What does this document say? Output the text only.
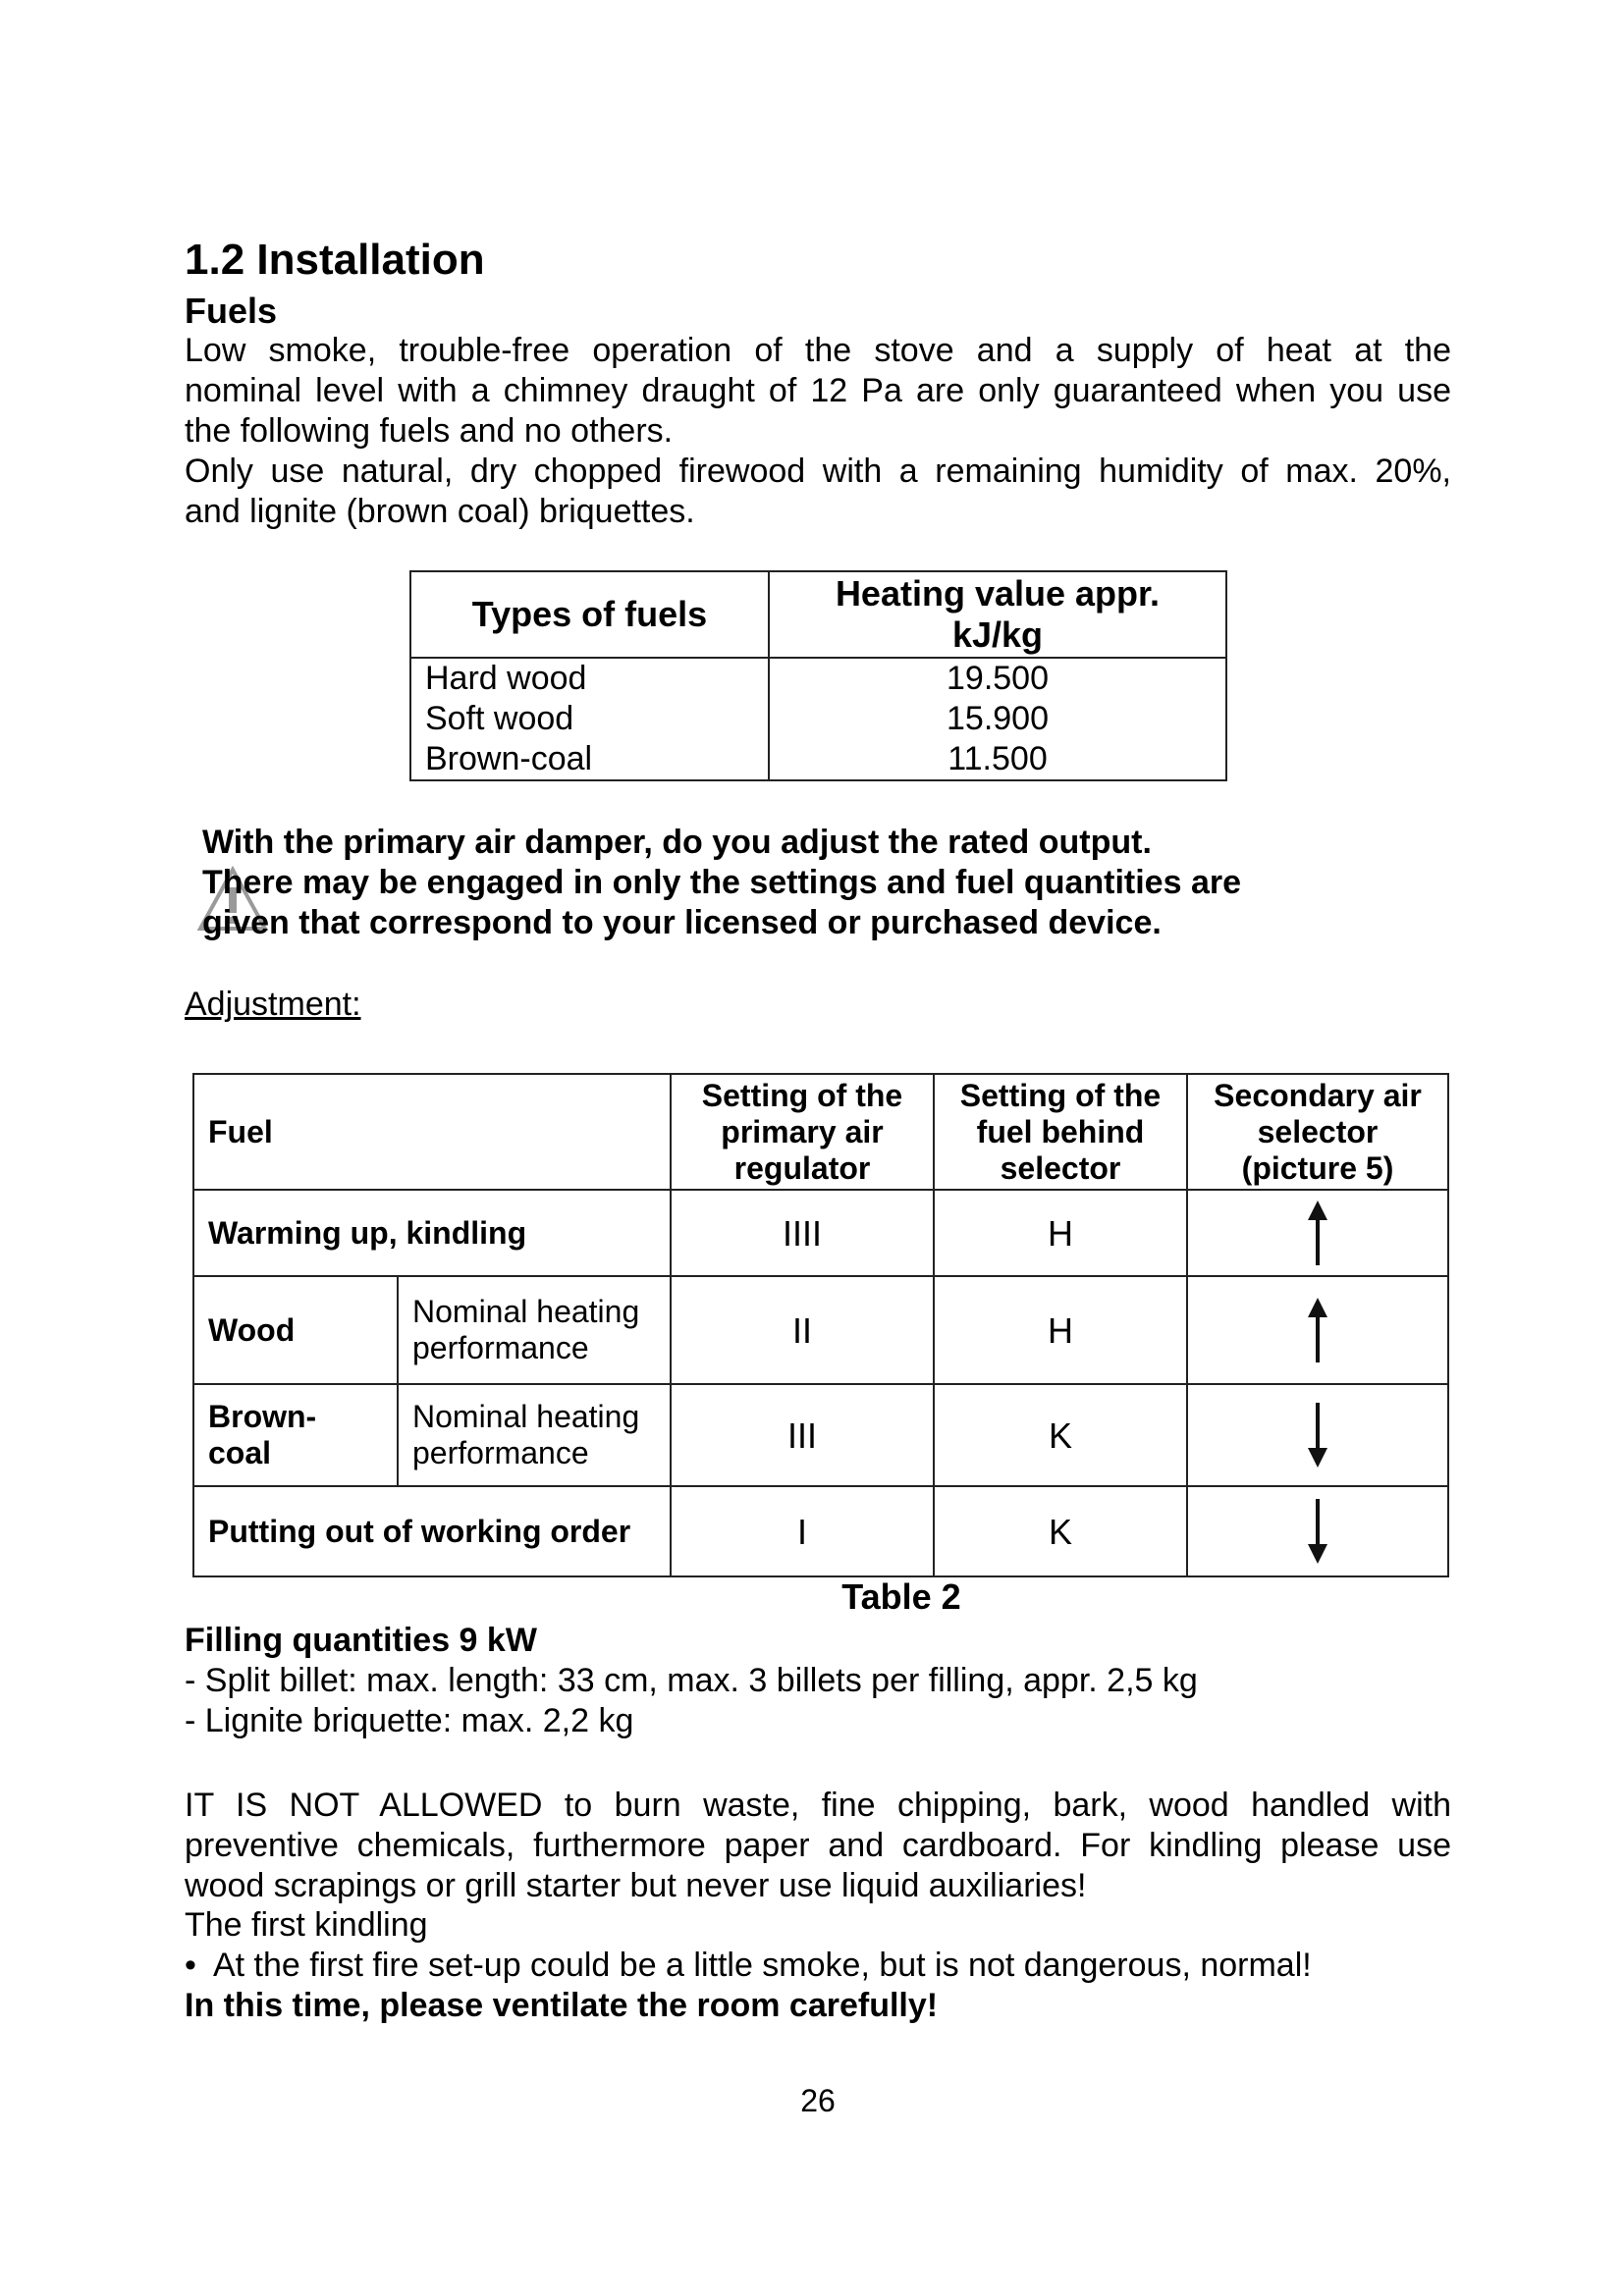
1.2 Installation
Fuels
Low smoke, trouble-free operation of the stove and a supply of heat at the
nominal level with a chimney draught of 12 Pa are only guaranteed when you use
the following fuels and no others.
Only use natural, dry chopped firewood with a remaining humidity of max. 20%,
and lignite (brown coal) briquettes.
Types of fuels	Heating value appr.
kJ/kg
Hard wood	19.500
Soft wood	15.900
Brown-coal	11.500

With the primary air damper, do you adjust the rated output.

There may be engaged in only the settings and fuel quantities are

given that correspond to your licensed or purchased device.

Adjustment:
Fuel		Setting of the
primary air
regulator	Setting of the
fuel behind
selector	Secondary air
selector
(picture 5)
Warming up, kindling		IIII	H	

Wood	Nominal heating
performance	II	H	

Brown-
coal	Nominal heating
performance	III	K	

Putting out of working order		I	K	
Table 2
Filling quantities 9 kW
- Split billet: max. length: 33 cm, max. 3 billets per filling, appr. 2,5 kg
- Lignite briquette: max. 2,2 kg
IT IS NOT ALLOWED to burn waste, fine chipping, bark, wood handled with
preventive chemicals, furthermore paper and cardboard. For kindling please use
wood scrapings or grill starter but never use liquid auxiliaries!
The first kindling
• At the first fire set-up could be a little smoke, but is not dangerous, normal!
In this time, please ventilate the room carefully!
26
